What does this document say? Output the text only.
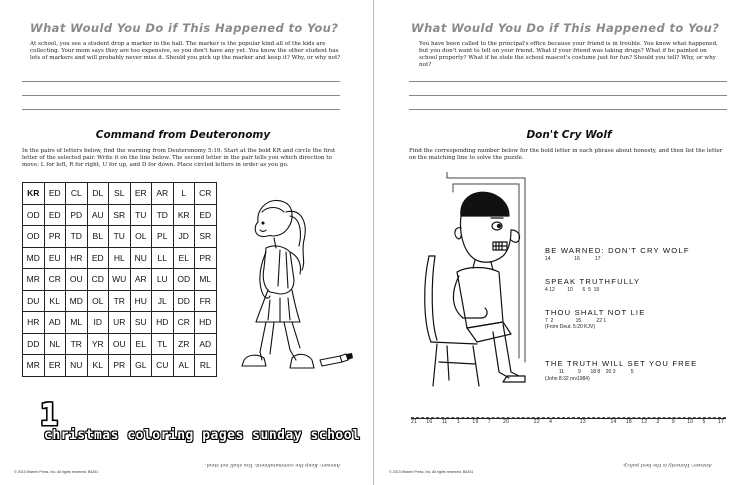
What Would You Do if This Happened to You?
At school, you see a student drop a marker in the hall. The marker is the popular kind all of the kids are collecting. Your mom says they are too expensive, so you don't have any yet. You know the other student has lots of markers and will probably never miss it. Should you pick up the marker and keep it? Why, or why not?
Command from Deuteronomy
In the pairs of letters below, find the warning from Deuteronomy 5:19. Start at the bold KR and circle the first letter of the selected pair. Write it on the line below. The second letter in the pair tells you which direction to move: L for left, R for right, U for up, and D for down. Place circled letters in order as you go.
KR	ED	CL	DL	SL	ER	AR	L	CR
OD	ED	PD	AU	SR	TU	TD	KR	ED
OD	PR	TD	BL	TU	OL	PL	JD	SR
MD	EU	HR	ED	HL	NU	LL	EL	PR
MR	CR	OU	CD	WU	AR	LU	OD	ML
DU	KL	MD	OL	TR	HU	JL	DD	FR
HR	AD	ML	ID	UR	SU	HD	CR	HD
DD	NL	TR	YR	OU	EL	TL	ZR	AD
MR	ER	NU	KL	PR	GL	CU	AL	RL
© 2013 Warner Press, Inc. All rights reserved. B4251
Answer: Keep the commandment: You shall not steal.
What Would You Do if This Happened to You?
You have been called to the principal's office because your friend is in trouble. You know what happened, but you don't want to tell on your friend. What if your friend was taking drugs? What if he painted on school property? What if he stole the school mascot's costume just for fun? Should you tell? Why, or why not?
Don't Cry Wolf
Find the corresponding number below for the bold letter in each phrase about honesty, and then list the letter on the matching line to solve the puzzle.
BE WARNED: DON'T CRY WOLF
14                 16           17
SPEAK TRUTHFULLY
4 12         10       6  5  19
THOU SHALT NOT LIE
7  2                15           22 1
(From Deut. 5:20 KJV)
THE TRUTH WILL SET YOU FREE
11          9       18 8    20 3           5
(John 8:32 nrv1984)
21	16	11	1	19	7	20	22	4	13	14	18	12	3	9	10	5	17
© 2013 Warner Press, Inc. All rights reserved. B4251
Answer: Honesty is the best policy.
1
christmas coloring pages sunday school
